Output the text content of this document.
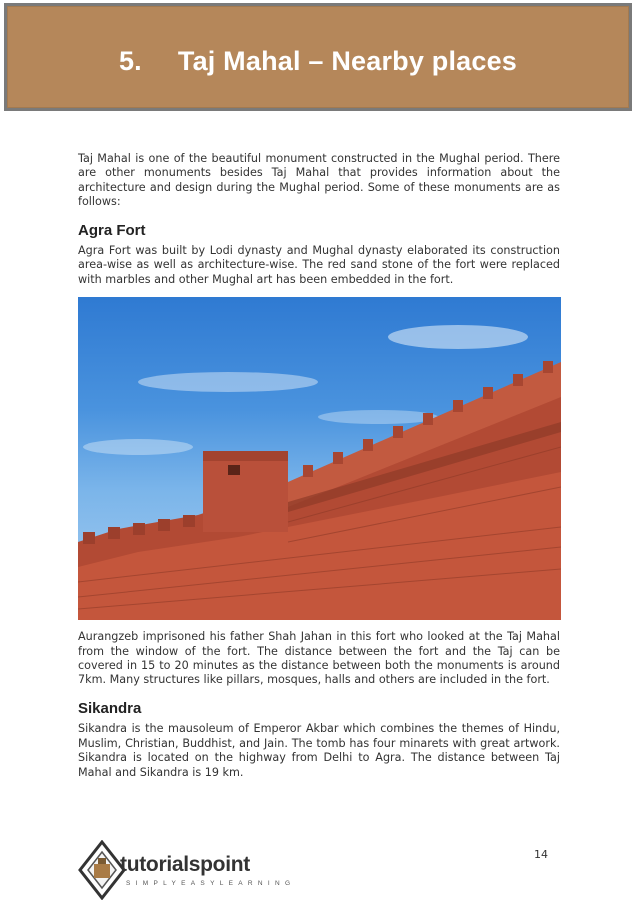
5. Taj Mahal – Nearby places

Taj Mahal is one of the beautiful monument constructed in the Mughal period. There are other monuments besides Taj Mahal that provides information about the architecture and design during the Mughal period. Some of these monuments are as follows:

Agra Fort

Agra Fort was built by Lodi dynasty and Mughal dynasty elaborated its construction area-wise as well as architecture-wise. The red sand stone of the fort were replaced with marbles and other Mughal art has been embedded in the fort.

Aurangzeb imprisoned his father Shah Jahan in this fort who looked at the Taj Mahal from the window of the fort. The distance between the fort and the Taj can be covered in 15 to 20 minutes as the distance between both the monuments is around 7km. Many structures like pillars, mosques, halls and others are included in the fort.

Sikandra

Sikandra is the mausoleum of Emperor Akbar which combines the themes of Hindu, Muslim, Christian, Buddhist, and Jain. The tomb has four minarets with great artwork. Sikandra is located on the highway from Delhi to Agra. The distance between Taj Mahal and Sikandra is 19 km.

14
tutorialspoint
SIMPLYEASYLEARNING
